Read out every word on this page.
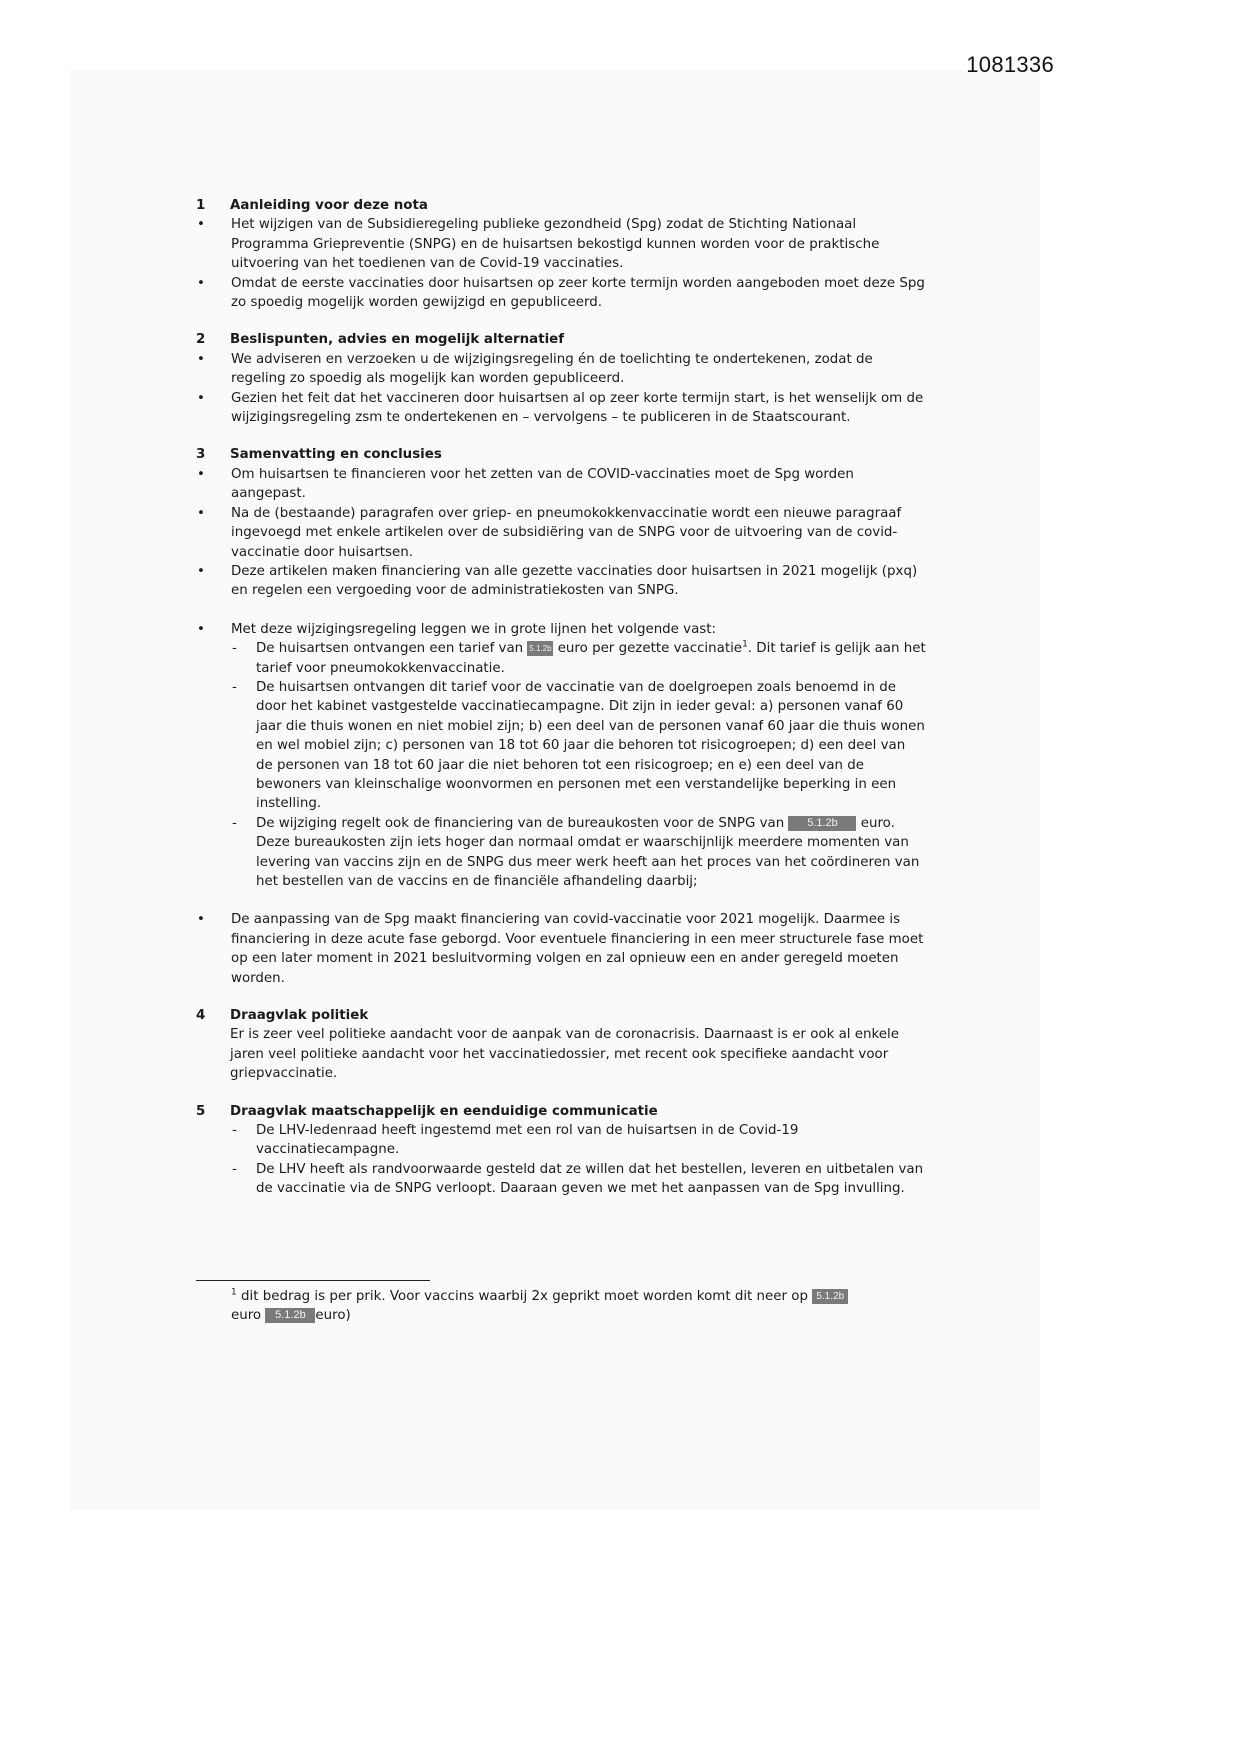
1081336
1	Aanleiding voor deze nota
•	Het wijzigen van de Subsidieregeling publieke gezondheid (Spg) zodat de Stichting Nationaal Programma Griepreventie (SNPG) en de huisartsen bekostigd kunnen worden voor de praktische uitvoering van het toedienen van de Covid-19 vaccinaties.
•	Omdat de eerste vaccinaties door huisartsen op zeer korte termijn worden aangeboden moet deze Spg zo spoedig mogelijk worden gewijzigd en gepubliceerd.
2	Beslispunten, advies en mogelijk alternatief
•	We adviseren en verzoeken u de wijzigingsregeling én de toelichting te ondertekenen, zodat de regeling zo spoedig als mogelijk kan worden gepubliceerd.
•	Gezien het feit dat het vaccineren door huisartsen al op zeer korte termijn start, is het wenselijk om de wijzigingsregeling zsm te ondertekenen en – vervolgens – te publiceren in de Staatscourant.
3	Samenvatting en conclusies
•	Om huisartsen te financieren voor het zetten van de COVID-vaccinaties moet de Spg worden aangepast.
•	Na de (bestaande) paragrafen over griep- en pneumokokkenvaccinatie wordt een nieuwe paragraaf ingevoegd met enkele artikelen over de subsidiëring van de SNPG voor de uitvoering van de covid-vaccinatie door huisartsen.
•	Deze artikelen maken financiering van alle gezette vaccinaties door huisartsen in 2021 mogelijk (pxq) en regelen een vergoeding voor de administratiekosten van SNPG.
•	Met deze wijzigingsregeling leggen we in grote lijnen het volgende vast:
-	De huisartsen ontvangen een tarief van 5.1.2b euro per gezette vaccinatie$^1$. Dit tarief is gelijk aan het tarief voor pneumokokkenvaccinatie.
-	De huisartsen ontvangen dit tarief voor de vaccinatie van de doelgroepen zoals benoemd in de door het kabinet vastgestelde vaccinatiecampagne. Dit zijn in ieder geval: a) personen vanaf 60 jaar die thuis wonen en niet mobiel zijn; b) een deel van de personen vanaf 60 jaar die thuis wonen en wel mobiel zijn; c) personen van 18 tot 60 jaar die behoren tot risicogroepen; d) een deel van de personen van 18 tot 60 jaar die niet behoren tot een risicogroep; en e) een deel van de bewoners van kleinschalige woonvormen en personen met een verstandelijke beperking in een instelling.
-	De wijziging regelt ook de financiering van de bureaukosten voor de SNPG van 5.1.2b euro. Deze bureaukosten zijn iets hoger dan normaal omdat er waarschijnlijk meerdere momenten van levering van vaccins zijn en de SNPG dus meer werk heeft aan het proces van het coördineren van het bestellen van de vaccins en de financiële afhandeling daarbij;
•	De aanpassing van de Spg maakt financiering van covid-vaccinatie voor 2021 mogelijk. Daarmee is financiering in deze acute fase geborgd. Voor eventuele financiering in een meer structurele fase moet op een later moment in 2021 besluitvorming volgen en zal opnieuw een en ander geregeld moeten worden.
4	Draagvlak politiek
Er is zeer veel politieke aandacht voor de aanpak van de coronacrisis. Daarnaast is er ook al enkele jaren veel politieke aandacht voor het vaccinatiedossier, met recent ook specifieke aandacht voor griepvaccinatie.
5	Draagvlak maatschappelijk en eenduidige communicatie
-	De LHV-ledenraad heeft ingestemd met een rol van de huisartsen in de Covid-19 vaccinatiecampagne.
-	De LHV heeft als randvoorwaarde gesteld dat ze willen dat het bestellen, leveren en uitbetalen van de vaccinatie via de SNPG verloopt. Daaraan geven we met het aanpassen van de Spg invulling.
$^1$ dit bedrag is per prik. Voor vaccins waarbij 2x geprikt moet worden komt dit neer op 5.1.2b
euro 5.1.2b euro)
